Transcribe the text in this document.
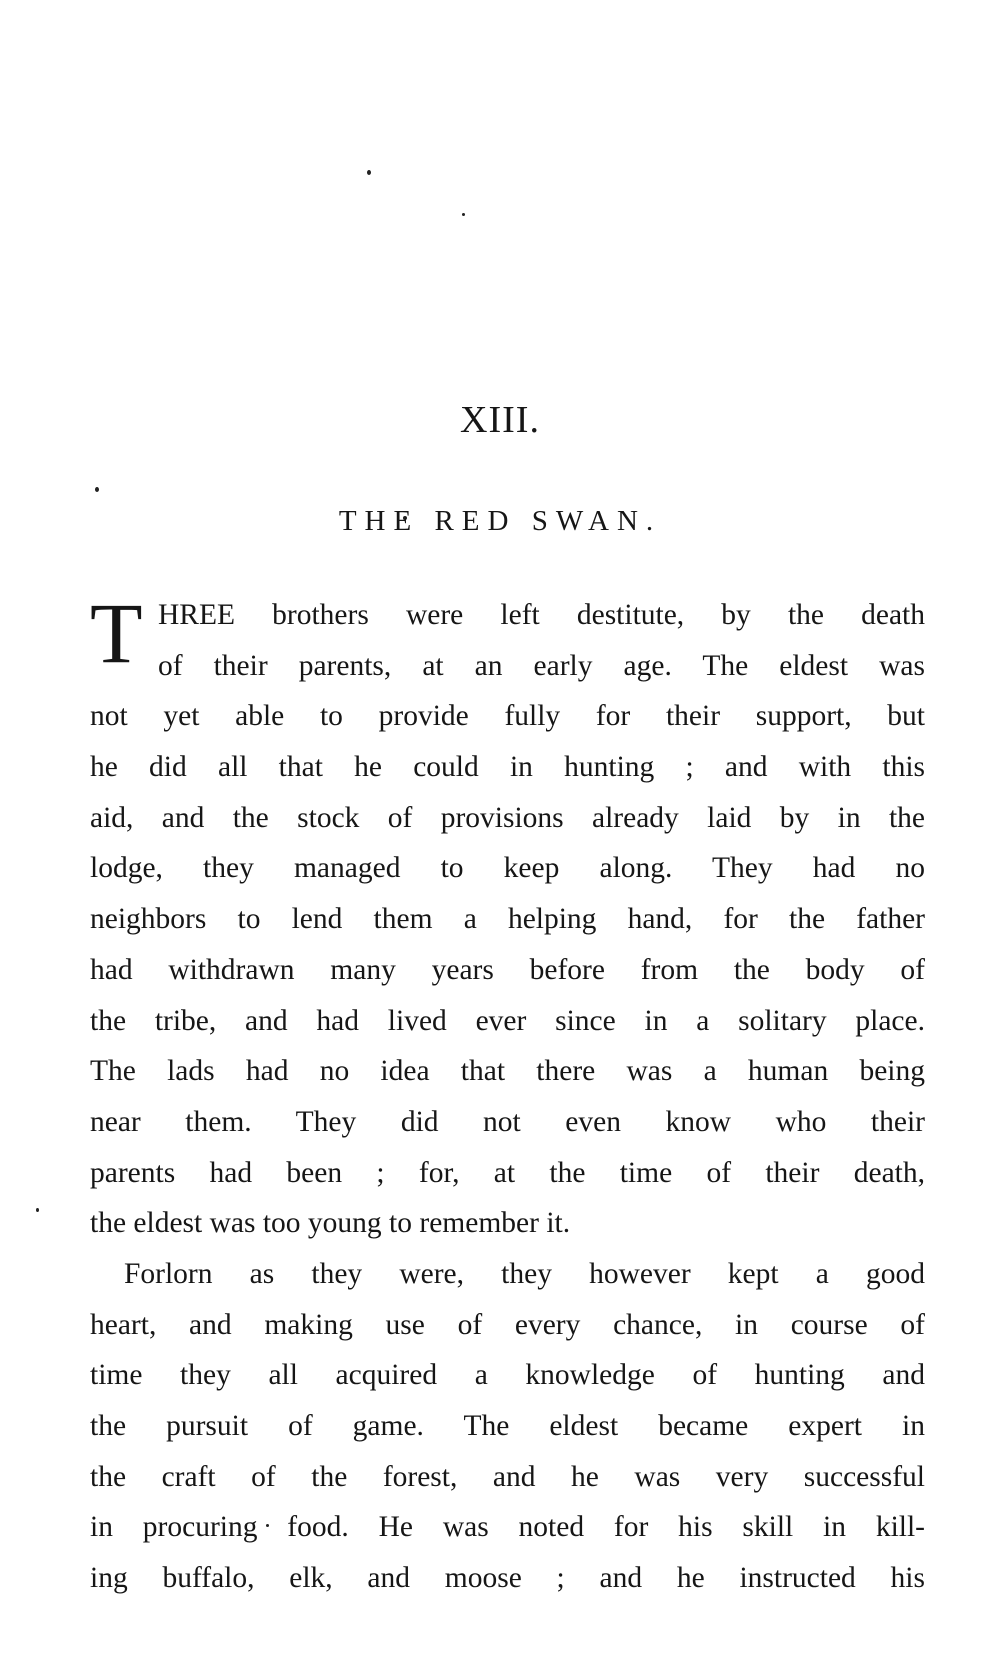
XIII.
THE RED SWAN.
T HREE brothers were left destitute, by the death
of their parents, at an early age. The eldest was
not yet able to provide fully for their support, but
he did all that he could in hunting ; and with this
aid, and the stock of provisions already laid by in the
lodge, they managed to keep along. They had no
neighbors to lend them a helping hand, for the father
had withdrawn many years before from the body of
the tribe, and had lived ever since in a solitary place.
The lads had no idea that there was a human being
near them. They did not even know who their
parents had been ; for, at the time of their death,
the eldest was too young to remember it.
Forlorn as they were, they however kept a good
heart, and making use of every chance, in course of
time they all acquired a knowledge of hunting and
the pursuit of game. The eldest became expert in
the craft of the forest, and he was very successful
in procuring food. He was noted for his skill in kill-
ing buffalo, elk, and moose ; and he instructed his
